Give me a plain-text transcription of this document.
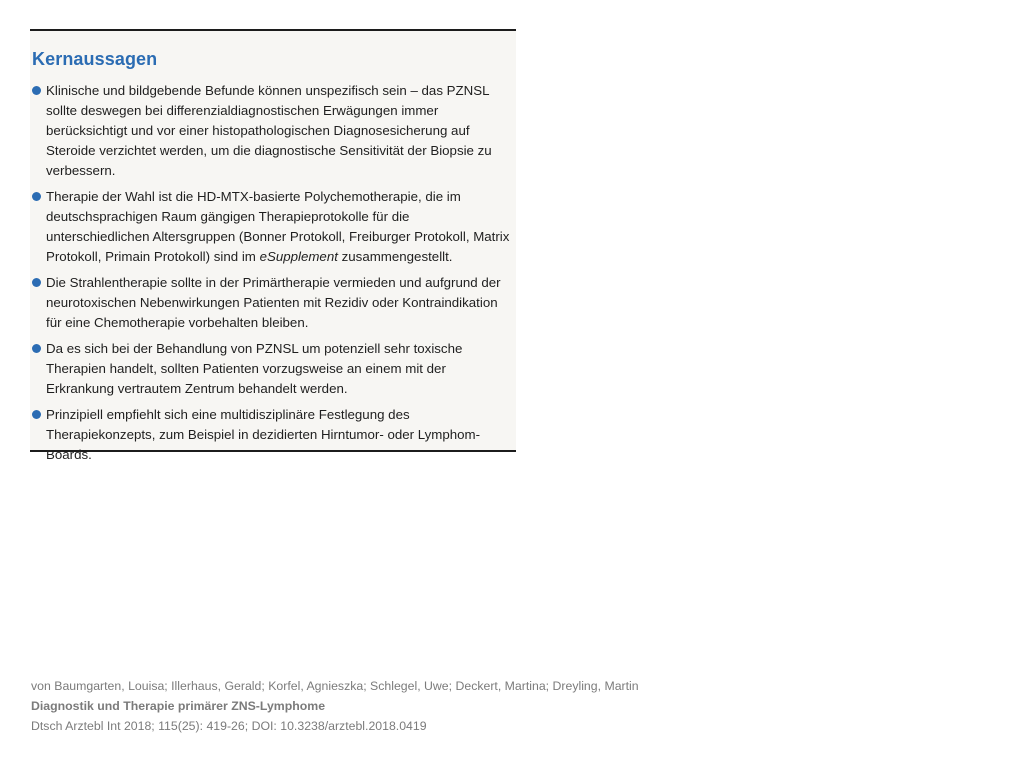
Kernaussagen
Klinische und bildgebende Befunde können unspezifisch sein – das PZNSL sollte deswegen bei differenzialdiagnostischen Erwägungen immer berücksichtigt und vor einer histopathologischen Diagnosesicherung auf Steroide verzichtet werden, um die diagnostische Sensitivität der Biopsie zu verbessern.
Therapie der Wahl ist die HD-MTX-basierte Polychemotherapie, die im deutschsprachigen Raum gängigen Therapieprotokolle für die unterschiedlichen Altersgruppen (Bonner Protokoll, Freiburger Protokoll, Matrix Protokoll, Primain Protokoll) sind im eSupplement zusammengestellt.
Die Strahlentherapie sollte in der Primärtherapie vermieden und aufgrund der neurotoxischen Nebenwirkungen Patienten mit Rezidiv oder Kontraindikation für eine Chemotherapie vorbehalten bleiben.
Da es sich bei der Behandlung von PZNSL um potenziell sehr toxische Therapien handelt, sollten Patienten vorzugsweise an einem mit der Erkrankung vertrautem Zentrum behandelt werden.
Prinzipiell empfiehlt sich eine multidisziplinäre Festlegung des Therapiekonzepts, zum Beispiel in dezidierten Hirntumor- oder Lymphom-Boards.
von Baumgarten, Louisa; Illerhaus, Gerald; Korfel, Agnieszka; Schlegel, Uwe; Deckert, Martina; Dreyling, Martin
Diagnostik und Therapie primärer ZNS-Lymphome
Dtsch Arztebl Int 2018; 115(25): 419-26; DOI: 10.3238/arztebl.2018.0419
